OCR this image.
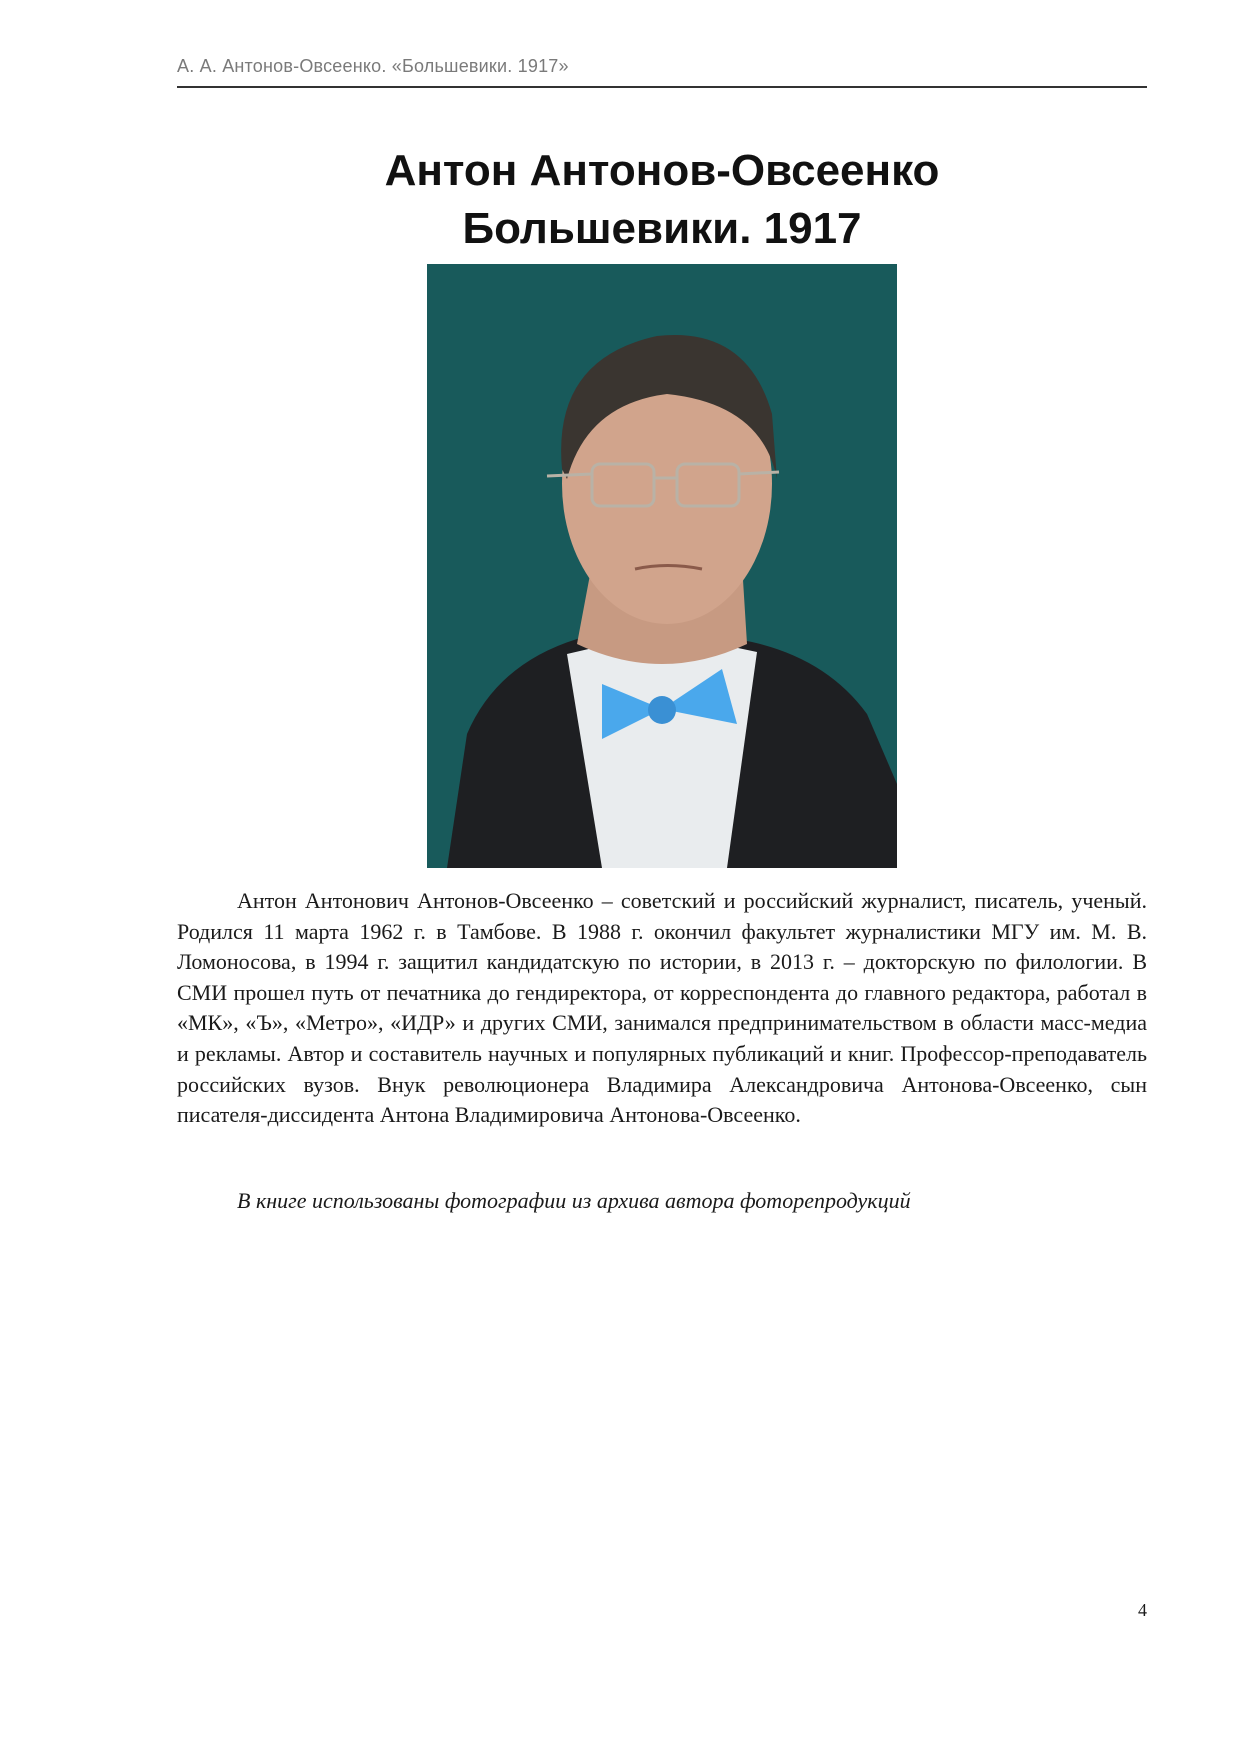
А. А. Антонов-Овсеенко. «Большевики. 1917»
Антон Антонов-Овсеенко
Большевики. 1917

Антон Антонович Антонов-Овсеенко – советский и российский журналист, писатель, ученый. Родился 11 марта 1962 г. в Тамбове. В 1988 г. окончил факультет журналистики МГУ им. М. В. Ломоносова, в 1994 г. защитил кандидатскую по истории, в 2013 г. – докторскую по филологии. В СМИ прошел путь от печатника до гендиректора, от корреспондента до главного редактора, работал в «МК», «Ъ», «Метро», «ИДР» и других СМИ, занимался предпринимательством в области масс-медиа и рекламы. Автор и составитель научных и популярных публикаций и книг. Профессор-преподаватель российских вузов. Внук революционера Владимира Александровича Антонова-Овсеенко, сын писателя-диссидента Антона Владимировича Антонова-Овсеенко.

В книге использованы фотографии из архива автора фоторепродукций

4
